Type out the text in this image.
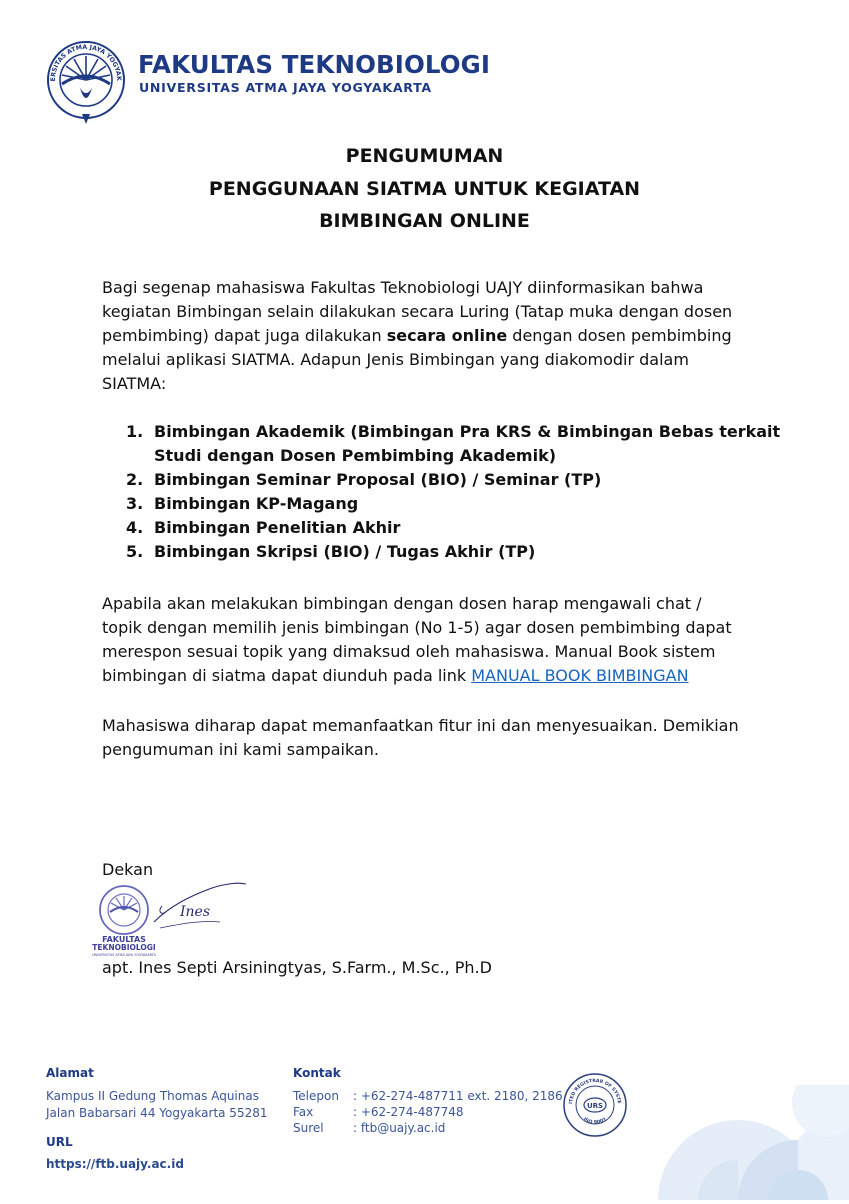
ERSITAS ATMA JAYA YOGYAK FAKULTAS TEKNOBIOLOGI
UNIVERSITAS ATMA JAYA YOGYAKARTA
PENGUMUMAN
PENGGUNAAN SIATMA UNTUK KEGIATAN
BIMBINGAN ONLINE

Bagi segenap mahasiswa Fakultas Teknobiologi UAJY diinformasikan bahwa
kegiatan Bimbingan selain dilakukan secara Luring (Tatap muka dengan dosen
pembimbing) dapat juga dilakukan secara online dengan dosen pembimbing
melalui aplikasi SIATMA. Adapun Jenis Bimbingan yang diakomodir dalam
SIATMA:

1. Bimbingan Akademik (Bimbingan Pra KRS & Bimbingan Bebas terkait
Studi dengan Dosen Pembimbing Akademik)
2. Bimbingan Seminar Proposal (BIO) / Seminar (TP)
3. Bimbingan KP-Magang
4. Bimbingan Penelitian Akhir
5. Bimbingan Skripsi (BIO) / Tugas Akhir (TP)

Apabila akan melakukan bimbingan dengan dosen harap mengawali chat /
topik dengan memilih jenis bimbingan (No 1-5) agar dosen pembimbing dapat
merespon sesuai topik yang dimaksud oleh mahasiswa. Manual Book sistem
bimbingan di siatma dapat diunduh pada link MANUAL BOOK BIMBINGAN

Mahasiswa diharap dapat memanfaatkan fitur ini dan menyesuaikan. Demikian
pengumuman ini kami sampaikan.

Dekan
FAKULTAS
TEKNOBIOLOGI
UNIVERSITAS ATMA JAYA YOGYAKARTA
Ines
apt. Ines Septi Arsiningtyas, S.Farm., M.Sc., Ph.D
Alamat
Kampus II Gedung Thomas Aquinas
Jalan Babarsari 44 Yogyakarta 55281
URL
https://ftb.uajy.ac.id
Kontak
Telepon : +62-274-487711 ext. 2180, 2186
Fax	: +62-274-487748
Surel : ftb@uajy.ac.id
ITED REGISTRAR OF SYSTE
ISO 9001
URS
